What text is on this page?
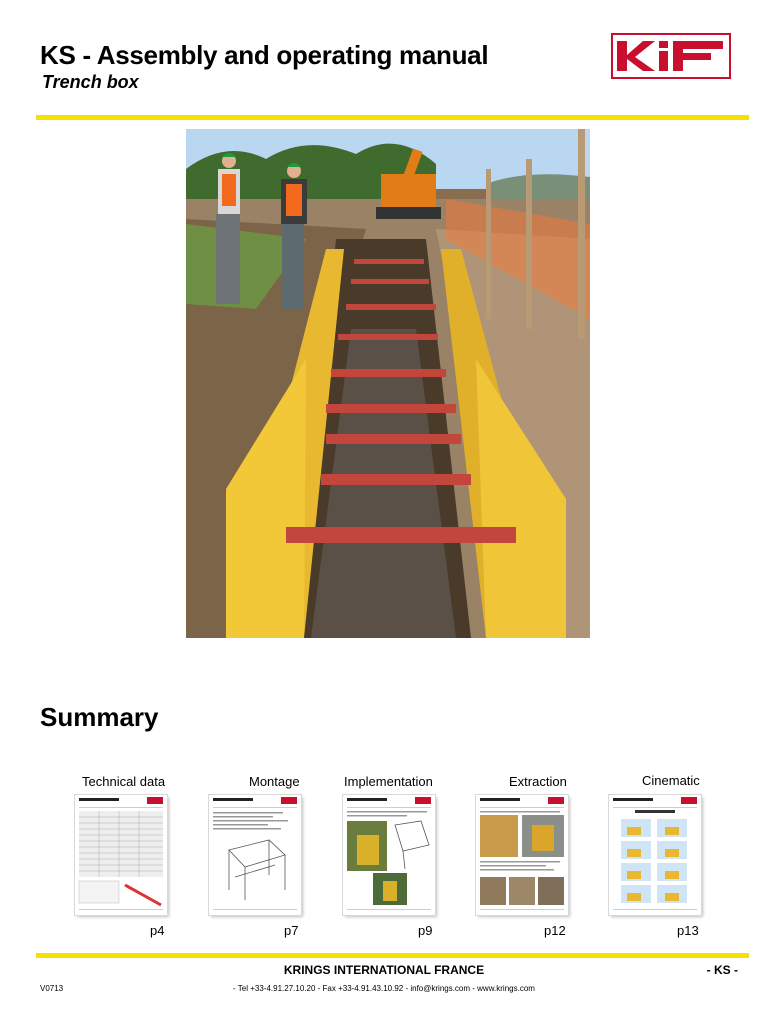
KS - Assembly and operating manual
Trench box
Summary
Technical data
p4
Montage
p7
Implementation
p9
Extraction
p12
Cinematic
p13
KRINGS INTERNATIONAL FRANCE	- KS -
V0713	- Tel +33-4.91.27.10.20 - Fax +33-4.91.43.10.92 - info@krings.com - www.krings.com
